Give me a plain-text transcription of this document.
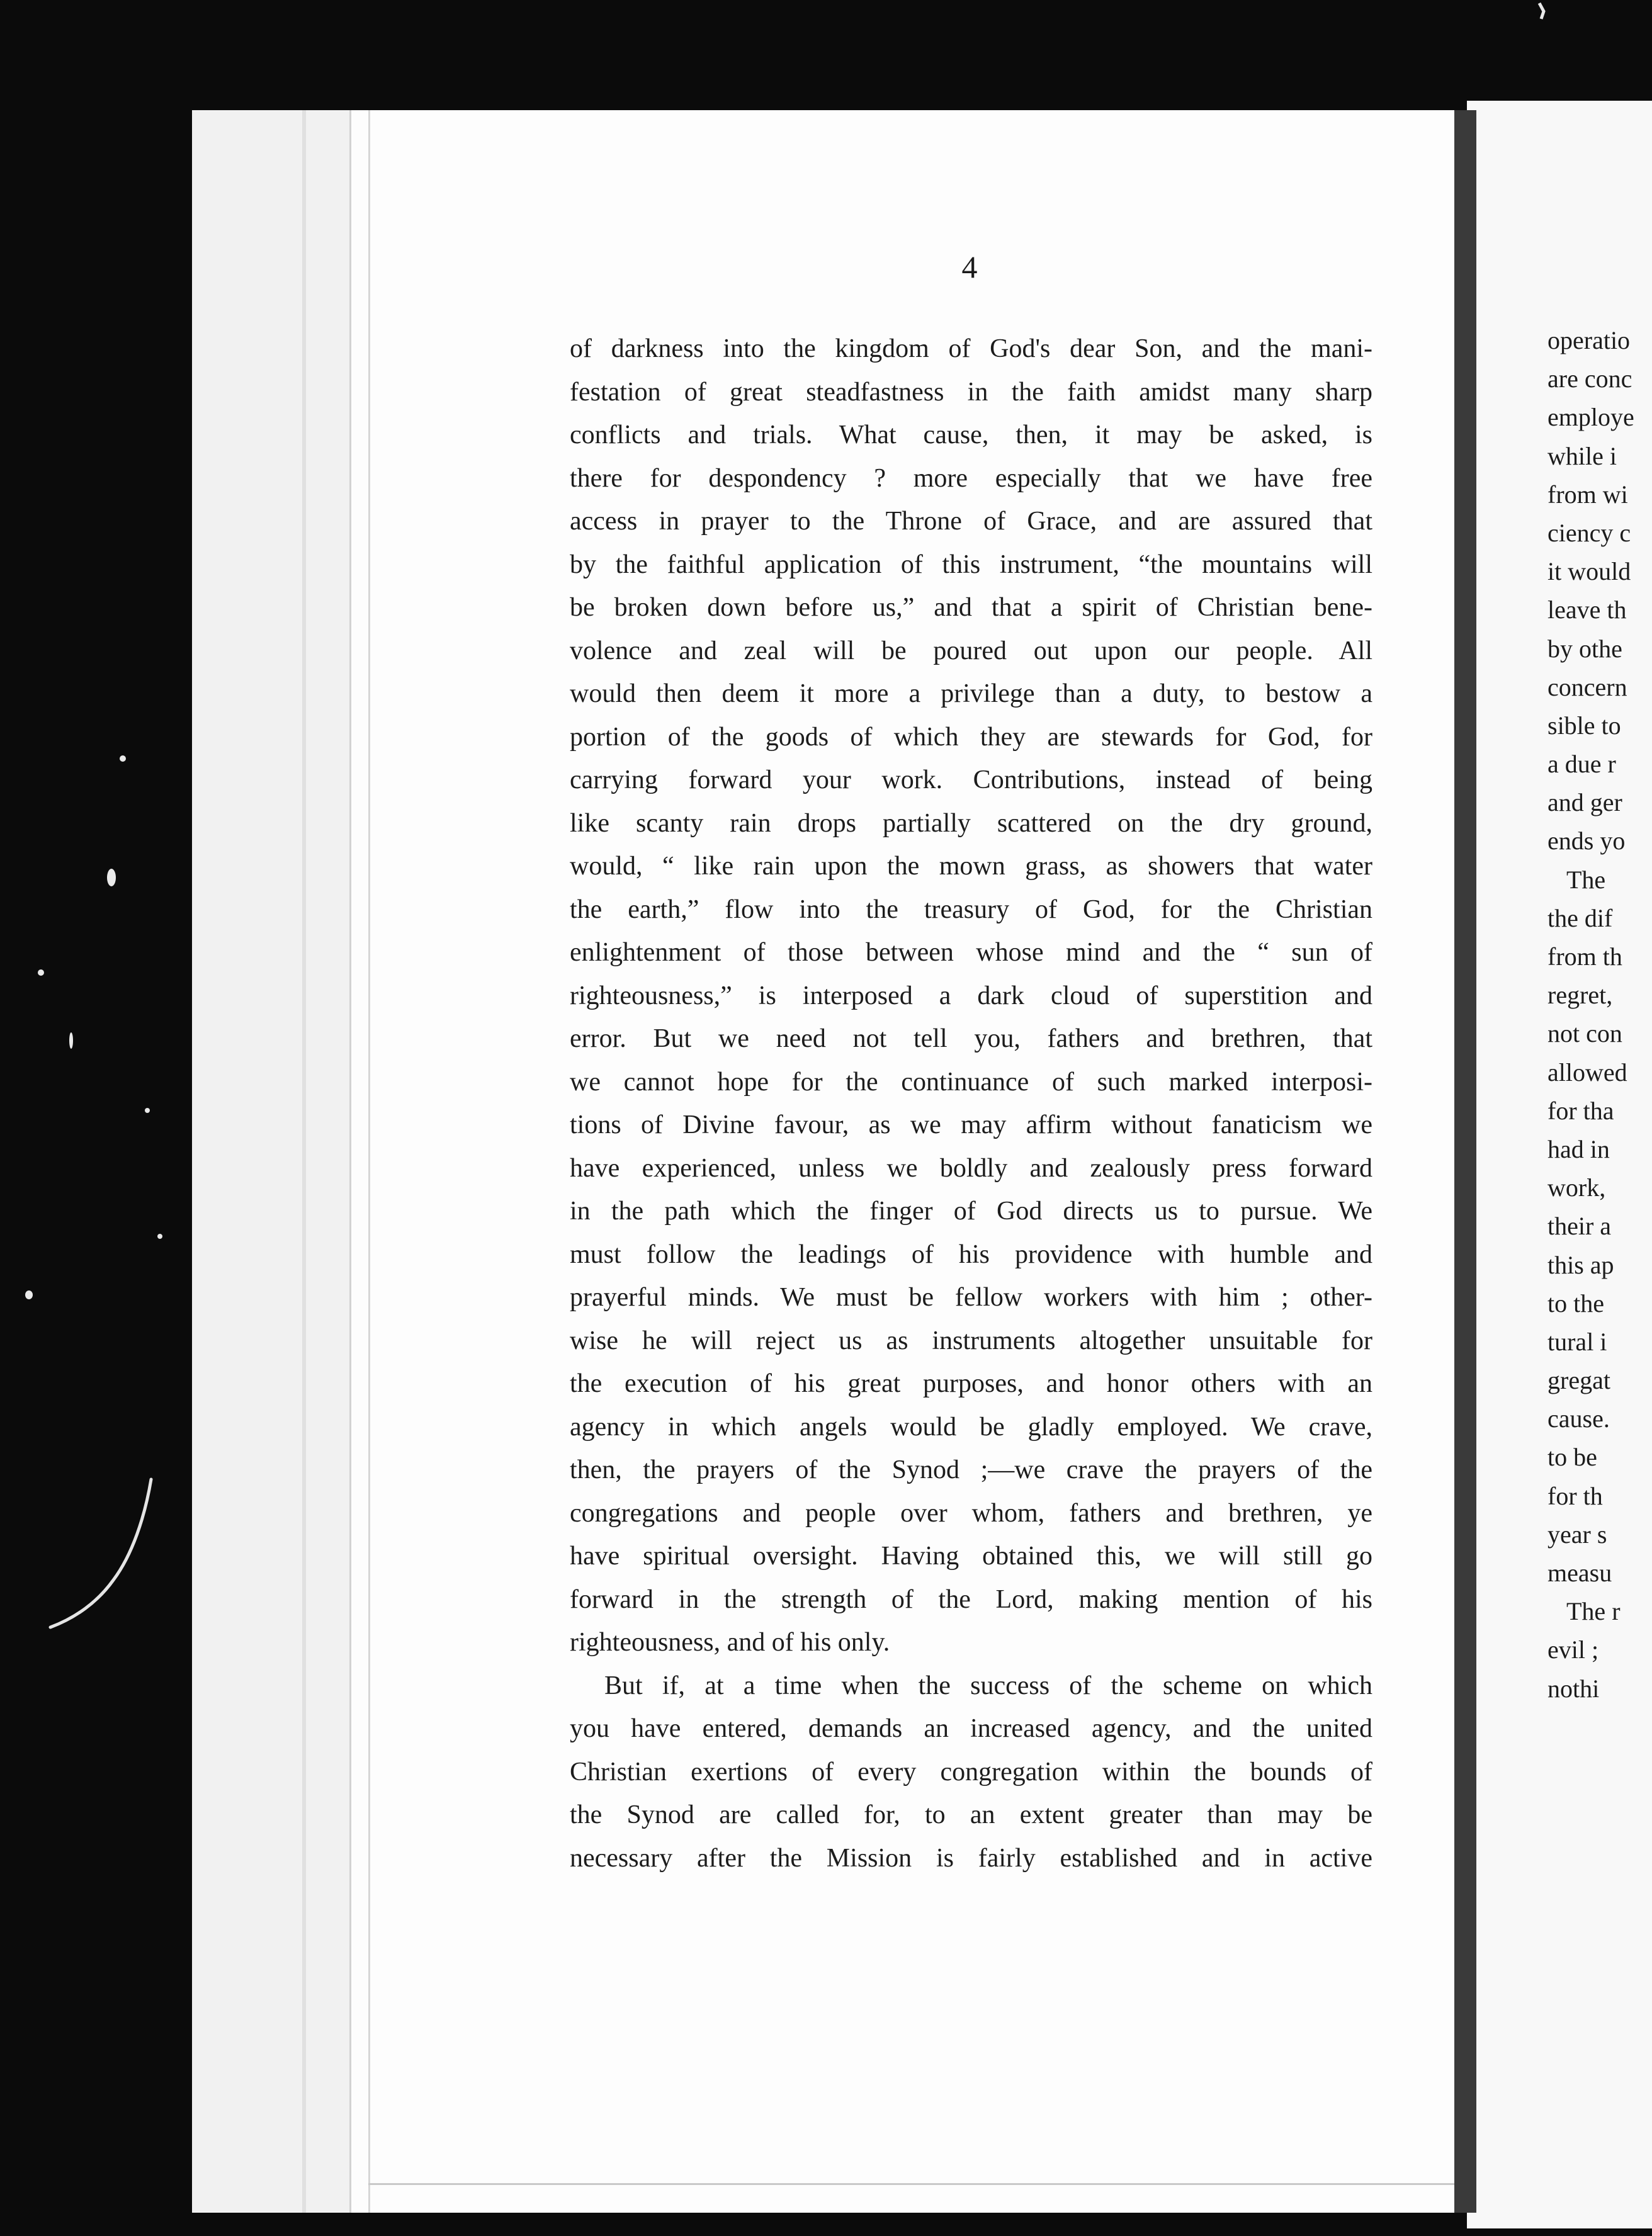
4
of darkness into the kingdom of God's dear Son, and the mani-
festation of great steadfastness in the faith amidst many sharp
conflicts and trials. What cause, then, it may be asked, is
there for despondency ? more especially that we have free
access in prayer to the Throne of Grace, and are assured that
by the faithful application of this instrument, “the mountains will
be broken down before us,” and that a spirit of Christian bene-
volence and zeal will be poured out upon our people. All
would then deem it more a privilege than a duty, to bestow a
portion of the goods of which they are stewards for God, for
carrying forward your work. Contributions, instead of being
like scanty rain drops partially scattered on the dry ground,
would, “ like rain upon the mown grass, as showers that water
the earth,” flow into the treasury of God, for the Christian
enlightenment of those between whose mind and the “ sun of
righteousness,” is interposed a dark cloud of superstition and
error. But we need not tell you, fathers and brethren, that
we cannot hope for the continuance of such marked interposi-
tions of Divine favour, as we may affirm without fanaticism we
have experienced, unless we boldly and zealously press forward
in the path which the finger of God directs us to pursue. We
must follow the leadings of his providence with humble and
prayerful minds. We must be fellow workers with him ; other-
wise he will reject us as instruments altogether unsuitable for
the execution of his great purposes, and honor others with an
agency in which angels would be gladly employed. We crave,
then, the prayers of the Synod ;—we crave the prayers of the
congregations and people over whom, fathers and brethren, ye
have spiritual oversight. Having obtained this, we will still go
forward in the strength of the Lord, making mention of his
righteousness, and of his only.
But if, at a time when the success of the scheme on which
you have entered, demands an increased agency, and the united
Christian exertions of every congregation within the bounds of
the Synod are called for, to an extent greater than may be
necessary after the Mission is fairly established and in active
operatio
are conc
employe
while i
from wi
ciency c
it would
leave th
by othe
concern
sible to
a due r
and ger
ends yo
The
the dif
from th
regret,
not con
allowed
for tha
had in
work,
their a
this ap
to the
tural i
gregat
cause.
to be
for th
year s
measu
The r
evil ;
nothi
